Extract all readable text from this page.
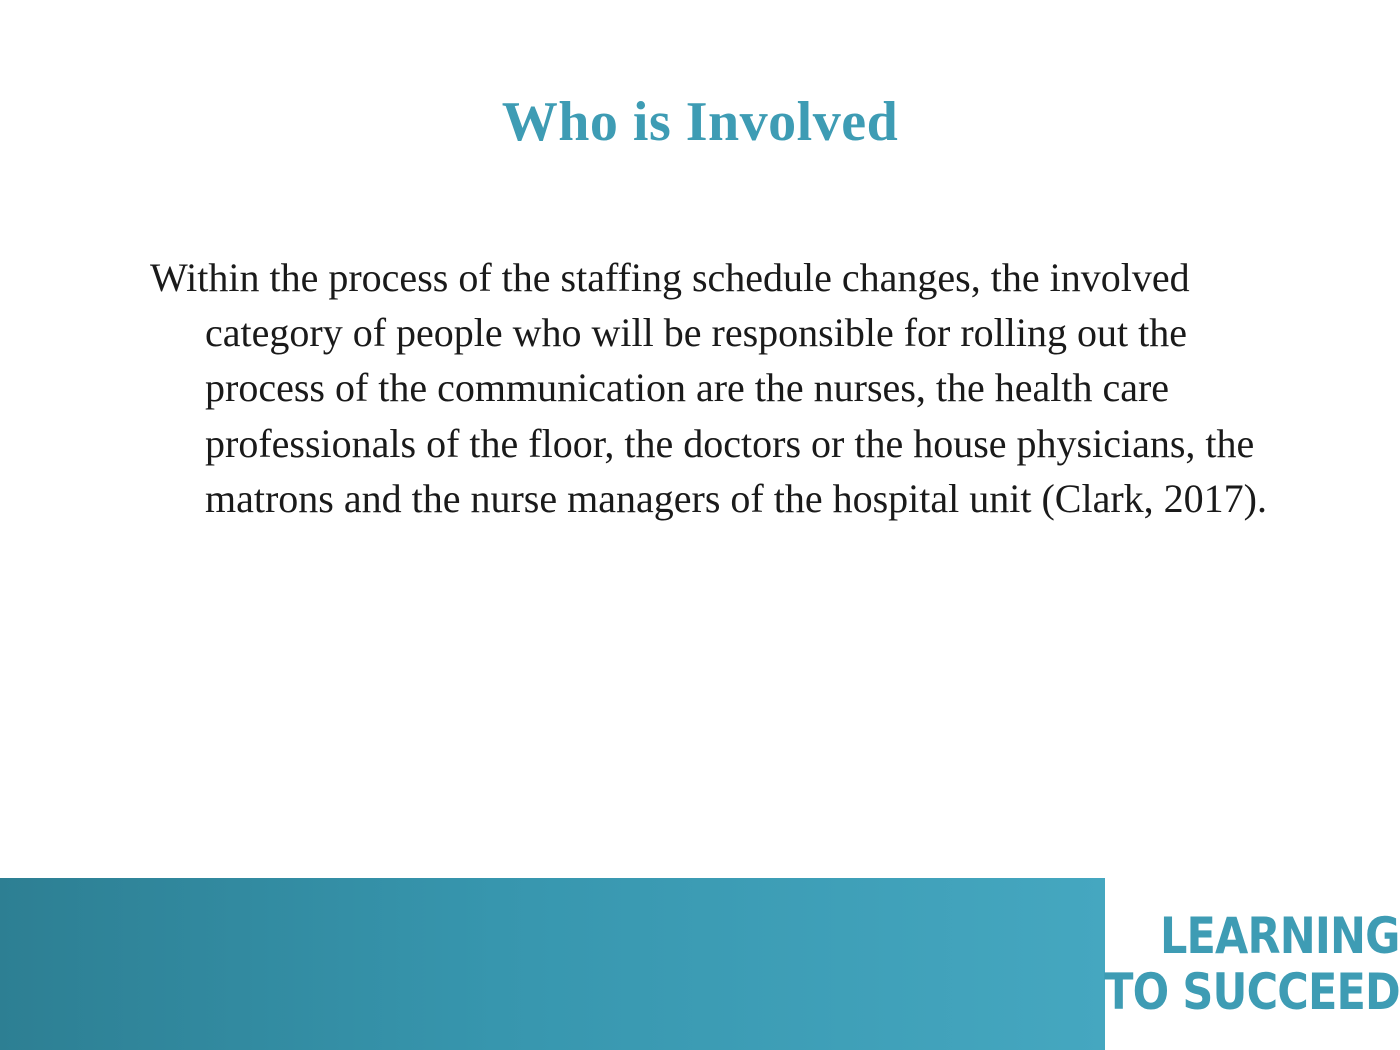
Who is Involved
Within the process of the staffing schedule changes, the involved category of people who will be responsible for rolling out the process of the communication are the nurses, the health care professionals of the floor, the doctors or the house physicians, the matrons and the nurse managers of the hospital unit (Clark, 2017).
LEARNING
TO SUCCEED
